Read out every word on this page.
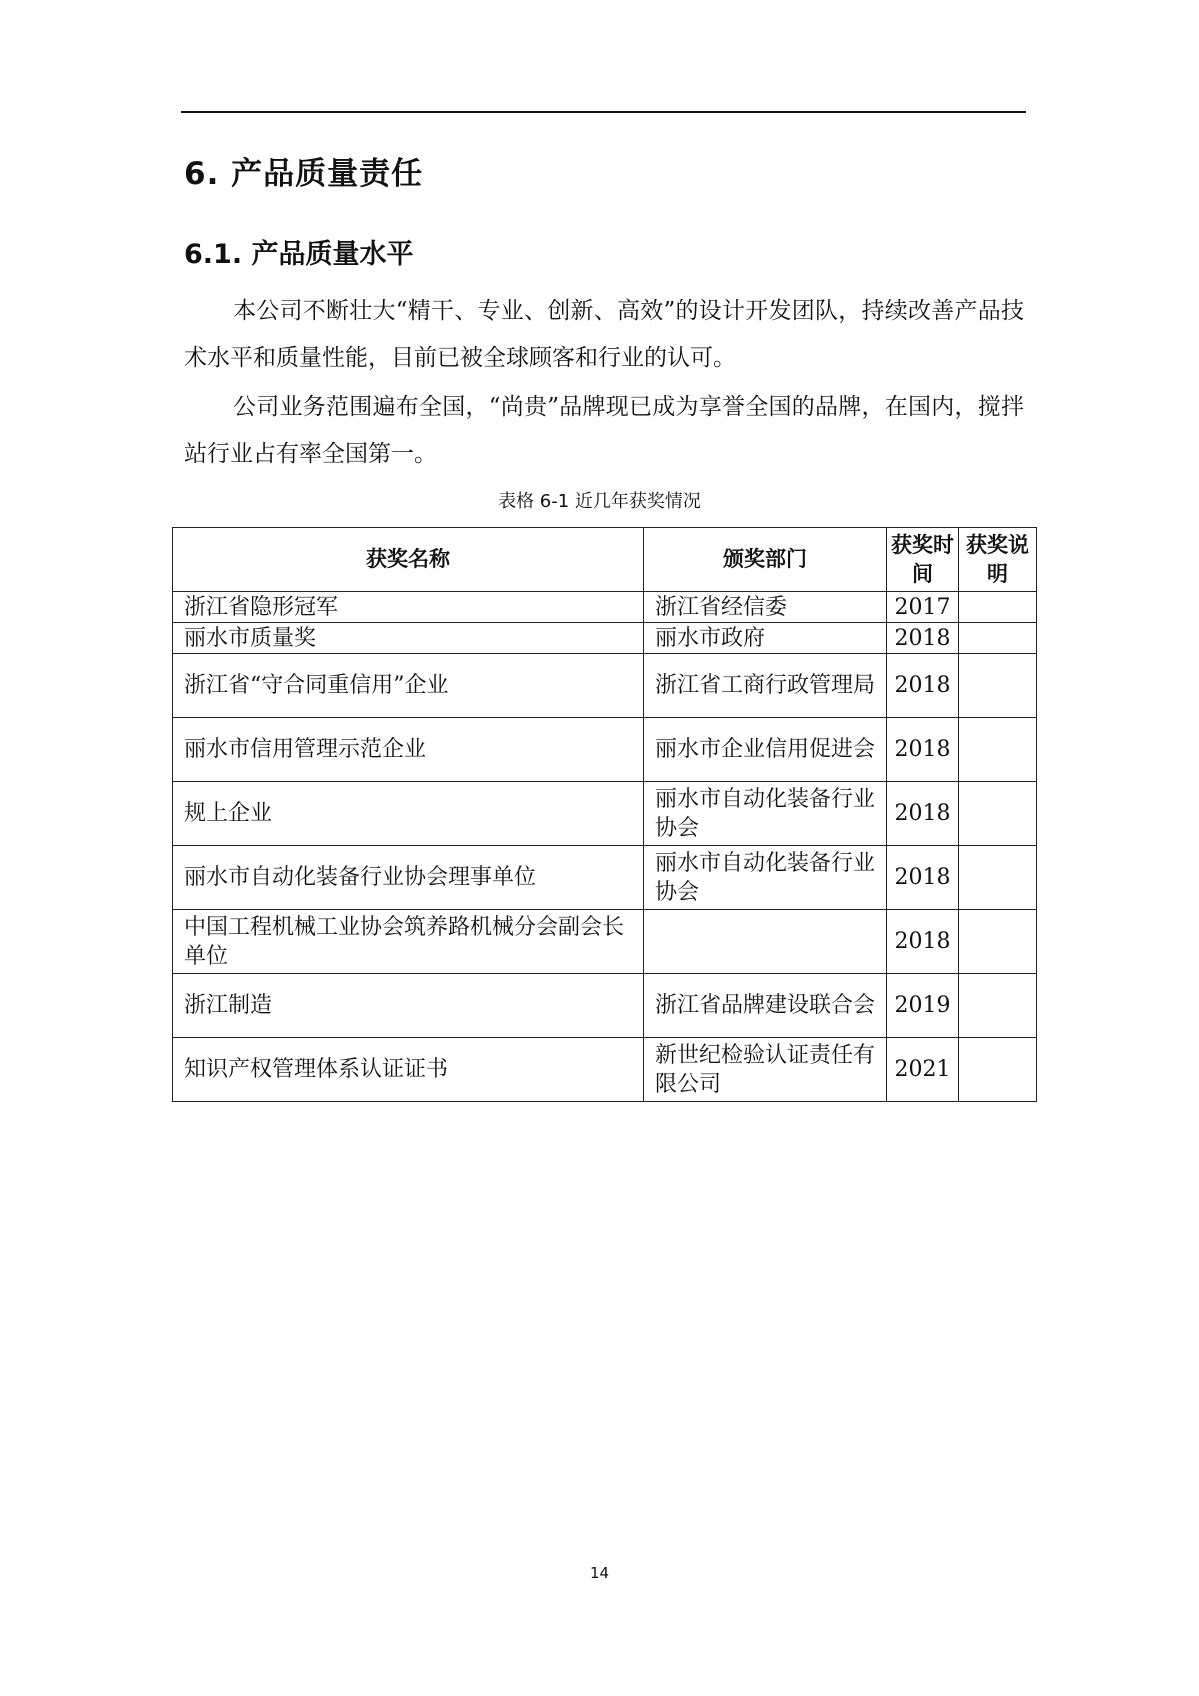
6. 产品质量责任
6.1. 产品质量水平

本公司不断壮大“精干、专业、创新、高效”的设计开发团队，持续改善产品技术水平和质量性能，目前已被全球顾客和行业的认可。

公司业务范围遍布全国，“尚贵”品牌现已成为享誉全国的品牌，在国内，搅拌站行业占有率全国第一。

表格 6-1 近几年获奖情况
获奖名称	颁奖部门	获奖时间	获奖说明
浙江省隐形冠军	浙江省经信委	2017	
丽水市质量奖	丽水市政府	2018	
浙江省“守合同重信用”企业	浙江省工商行政管理局	2018	
丽水市信用管理示范企业	丽水市企业信用促进会	2018	
规上企业	丽水市自动化装备行业协会	2018	
丽水市自动化装备行业协会理事单位	丽水市自动化装备行业协会	2018	
中国工程机械工业协会筑养路机械分会副会长单位		2018	
浙江制造	浙江省品牌建设联合会	2019	
知识产权管理体系认证证书	新世纪检验认证责任有限公司	2021	
14
